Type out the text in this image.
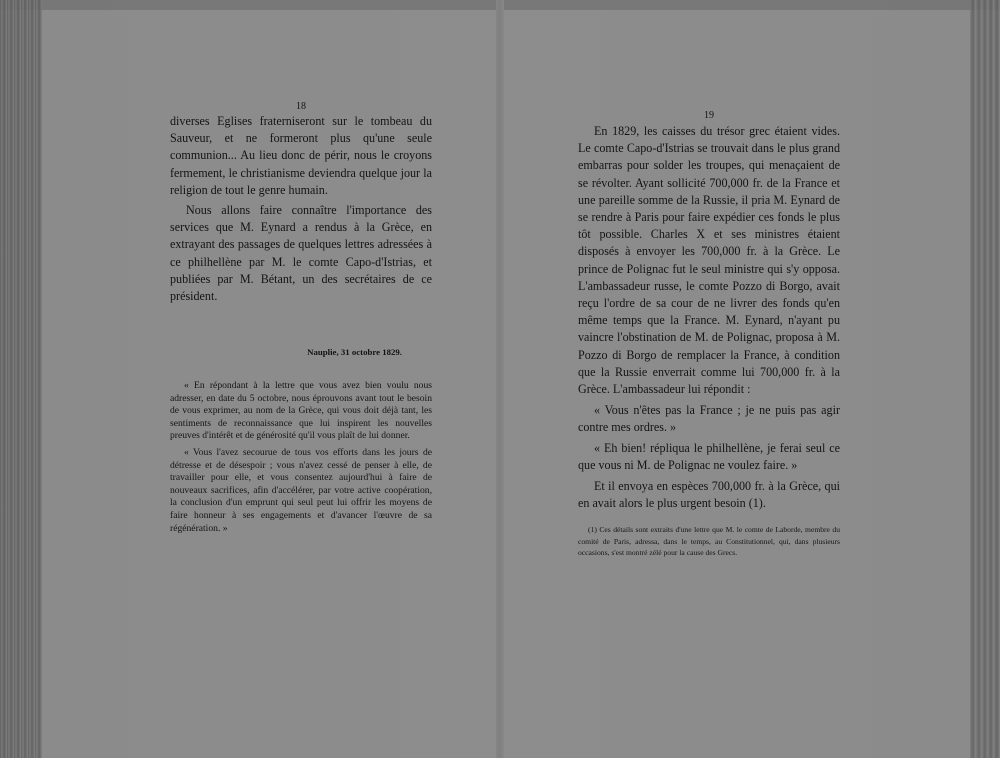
18

diverses Eglises fraterniseront sur le tombeau du Sauveur, et ne formeront plus qu'une seule communion... Au lieu donc de périr, nous le croyons fermement, le christianisme deviendra quelque jour la religion de tout le genre humain.

Nous allons faire connaître l'importance des services que M. Eynard a rendus à la Grèce, en extrayant des passages de quelques lettres adressées à ce philhellène par M. le comte Capo-d'Istrias, et publiées par M. Bétant, un des secrétaires de ce président.

Nauplie, 31 octobre 1829.

« En répondant à la lettre que vous avez bien voulu nous adresser, en date du 5 octobre, nous éprouvons avant tout le besoin de vous exprimer, au nom de la Grèce, qui vous doit déjà tant, les sentiments de reconnaissance que lui inspirent les nouvelles preuves d'intérêt et de générosité qu'il vous plaît de lui donner.

« Vous l'avez secourue de tous vos efforts dans les jours de détresse et de désespoir ; vous n'avez cessé de penser à elle, de travailler pour elle, et vous consentez aujourd'hui à faire de nouveaux sacrifices, afin d'accélérer, par votre active coopération, la conclusion d'un emprunt qui seul peut lui offrir les moyens de faire honneur à ses engagements et d'avancer l'œuvre de sa régénération. »

19

En 1829, les caisses du trésor grec étaient vides. Le comte Capo-d'Istrias se trouvait dans le plus grand embarras pour solder les troupes, qui menaçaient de se révolter. Ayant sollicité 700,000 fr. de la France et une pareille somme de la Russie, il pria M. Eynard de se rendre à Paris pour faire expédier ces fonds le plus tôt possible. Charles X et ses ministres étaient disposés à envoyer les 700,000 fr. à la Grèce. Le prince de Polignac fut le seul ministre qui s'y opposa. L'ambassadeur russe, le comte Pozzo di Borgo, avait reçu l'ordre de sa cour de ne livrer des fonds qu'en même temps que la France. M. Eynard, n'ayant pu vaincre l'obstination de M. de Polignac, proposa à M. Pozzo di Borgo de remplacer la France, à condition que la Russie enverrait comme lui 700,000 fr. à la Grèce. L'ambassadeur lui répondit :

« Vous n'êtes pas la France ; je ne puis pas agir contre mes ordres. »

« Eh bien! répliqua le philhellène, je ferai seul ce que vous ni M. de Polignac ne voulez faire. »

Et il envoya en espèces 700,000 fr. à la Grèce, qui en avait alors le plus urgent besoin (1).

(1) Ces détails sont extraits d'une lettre que M. le comte de Laborde, membre du comité de Paris, adressa, dans le temps, au Constitutionnel, qui, dans plusieurs occasions, s'est montré zélé pour la cause des Grecs.
